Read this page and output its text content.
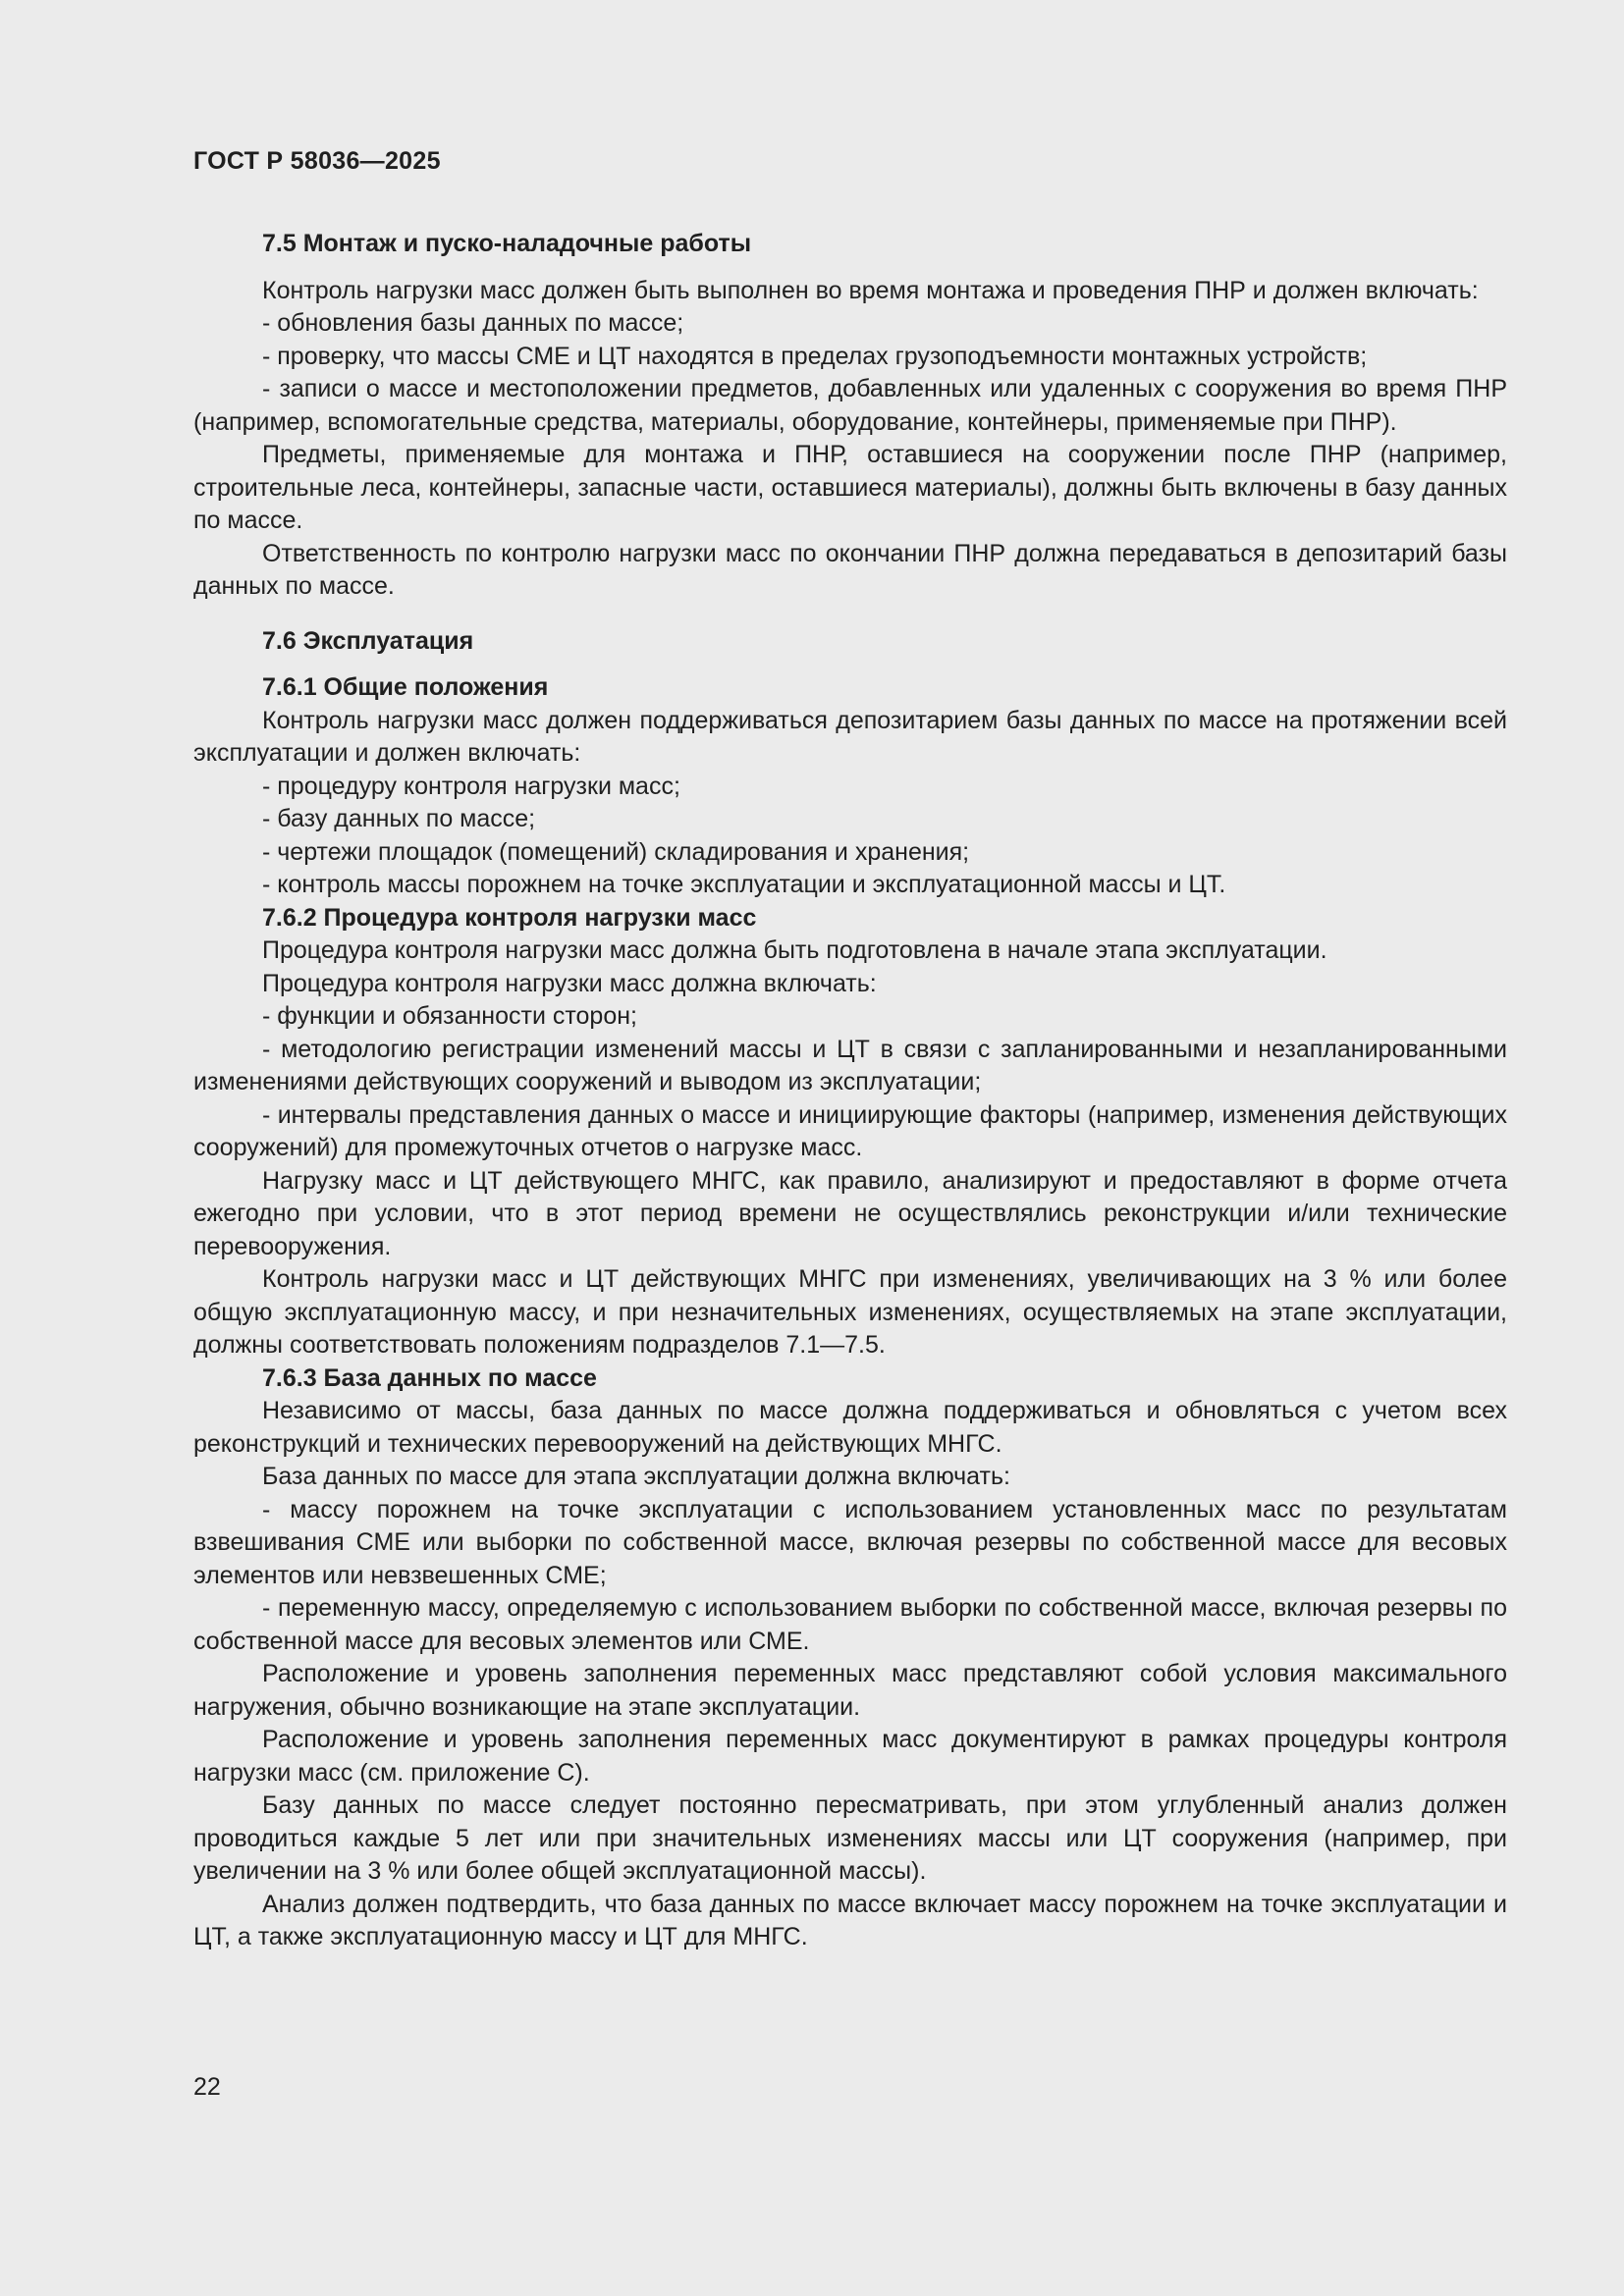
ГОСТ Р 58036—2025

7.5 Монтаж и пуско-наладочные работы

Контроль нагрузки масс должен быть выполнен во время монтажа и проведения ПНР и должен включать:

- обновления базы данных по массе;

- проверку, что массы СМЕ и ЦТ находятся в пределах грузоподъемности монтажных устройств;

- записи о массе и местоположении предметов, добавленных или удаленных с сооружения во время ПНР (например, вспомогательные средства, материалы, оборудование, контейнеры, применяемые при ПНР).

Предметы, применяемые для монтажа и ПНР, оставшиеся на сооружении после ПНР (например, строительные леса, контейнеры, запасные части, оставшиеся материалы), должны быть включены в базу данных по массе.

Ответственность по контролю нагрузки масс по окончании ПНР должна передаваться в депозитарий базы данных по массе.

7.6 Эксплуатация

7.6.1 Общие положения

Контроль нагрузки масс должен поддерживаться депозитарием базы данных по массе на протяжении всей эксплуатации и должен включать:

- процедуру контроля нагрузки масс;

- базу данных по массе;

- чертежи площадок (помещений) складирования и хранения;

- контроль массы порожнем на точке эксплуатации и эксплуатационной массы и ЦТ.

7.6.2 Процедура контроля нагрузки масс

Процедура контроля нагрузки масс должна быть подготовлена в начале этапа эксплуатации.

Процедура контроля нагрузки масс должна включать:

- функции и обязанности сторон;

- методологию регистрации изменений массы и ЦТ в связи с запланированными и незапланированными изменениями действующих сооружений и выводом из эксплуатации;

- интервалы представления данных о массе и инициирующие факторы (например, изменения действующих сооружений) для промежуточных отчетов о нагрузке масс.

Нагрузку масс и ЦТ действующего МНГС, как правило, анализируют и предоставляют в форме отчета ежегодно при условии, что в этот период времени не осуществлялись реконструкции и/или технические перевооружения.

Контроль нагрузки масс и ЦТ действующих МНГС при изменениях, увеличивающих на 3 % или более общую эксплуатационную массу, и при незначительных изменениях, осуществляемых на этапе эксплуатации, должны соответствовать положениям подразделов 7.1—7.5.

7.6.3 База данных по массе

Независимо от массы, база данных по массе должна поддерживаться и обновляться с учетом всех реконструкций и технических перевооружений на действующих МНГС.

База данных по массе для этапа эксплуатации должна включать:

- массу порожнем на точке эксплуатации с использованием установленных масс по результатам взвешивания СМЕ или выборки по собственной массе, включая резервы по собственной массе для весовых элементов или невзвешенных СМЕ;

- переменную массу, определяемую с использованием выборки по собственной массе, включая резервы по собственной массе для весовых элементов или СМЕ.

Расположение и уровень заполнения переменных масс представляют собой условия максимального нагружения, обычно возникающие на этапе эксплуатации.

Расположение и уровень заполнения переменных масс документируют в рамках процедуры контроля нагрузки масс (см. приложение С).

Базу данных по массе следует постоянно пересматривать, при этом углубленный анализ должен проводиться каждые 5 лет или при значительных изменениях массы или ЦТ сооружения (например, при увеличении на 3 % или более общей эксплуатационной массы).

Анализ должен подтвердить, что база данных по массе включает массу порожнем на точке эксплуатации и ЦТ, а также эксплуатационную массу и ЦТ для МНГС.

22
